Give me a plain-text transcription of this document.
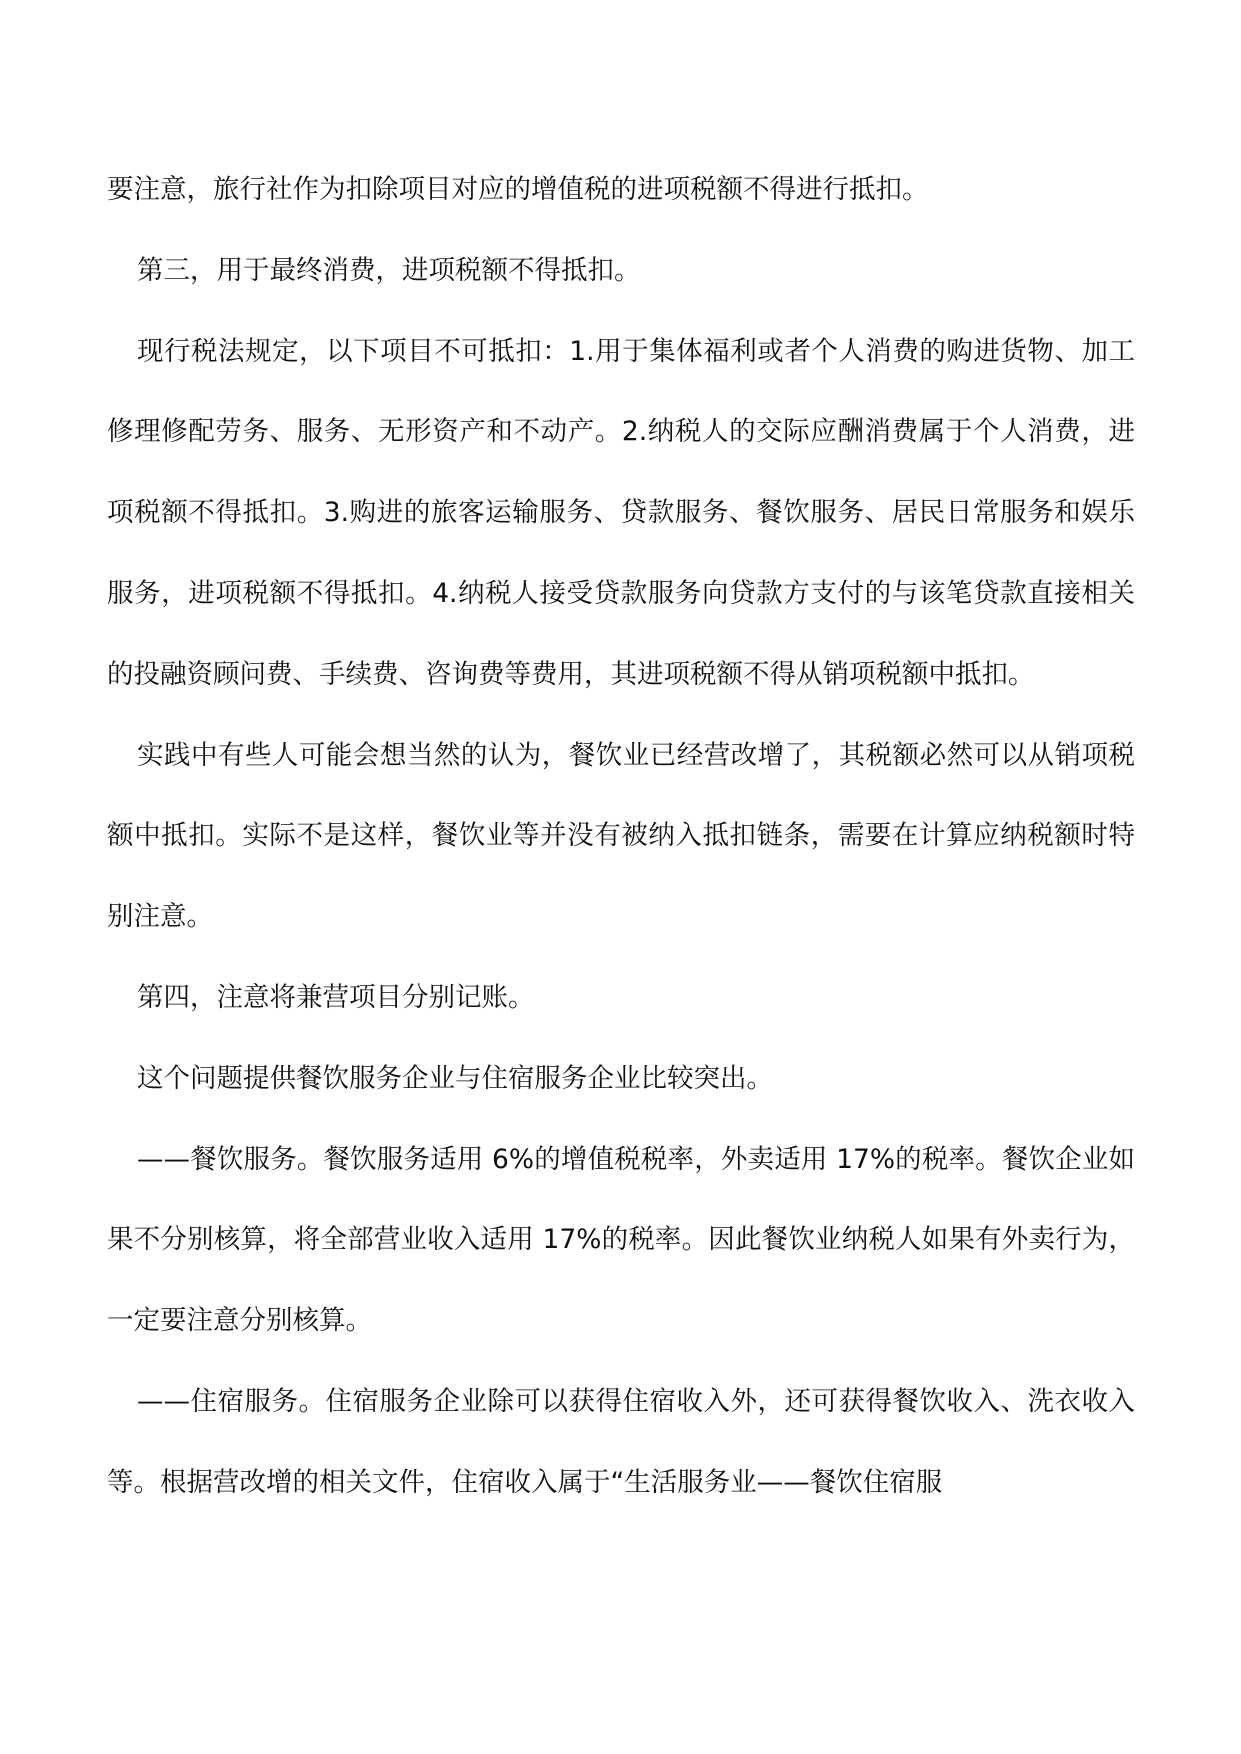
要注意，旅行社作为扣除项目对应的增值税的进项税额不得进行抵扣。

第三，用于最终消费，进项税额不得抵扣。

现行税法规定，以下项目不可抵扣：1.用于集体福利或者个人消费的购进货物、加工修理修配劳务、服务、无形资产和不动产。2.纳税人的交际应酬消费属于个人消费，进项税额不得抵扣。3.购进的旅客运输服务、贷款服务、餐饮服务、居民日常服务和娱乐服务，进项税额不得抵扣。4.纳税人接受贷款服务向贷款方支付的与该笔贷款直接相关的投融资顾问费、手续费、咨询费等费用，其进项税额不得从销项税额中抵扣。

实践中有些人可能会想当然的认为，餐饮业已经营改增了，其税额必然可以从销项税额中抵扣。实际不是这样，餐饮业等并没有被纳入抵扣链条，需要在计算应纳税额时特别注意。

第四，注意将兼营项目分别记账。

这个问题提供餐饮服务企业与住宿服务企业比较突出。

——餐饮服务。餐饮服务适用 6%的增值税税率，外卖适用 17%的税率。餐饮企业如果不分别核算，将全部营业收入适用 17%的税率。因此餐饮业纳税人如果有外卖行为，一定要注意分别核算。

——住宿服务。住宿服务企业除可以获得住宿收入外，还可获得餐饮收入、洗衣收入等。根据营改增的相关文件，住宿收入属于“生活服务业——餐饮住宿服
